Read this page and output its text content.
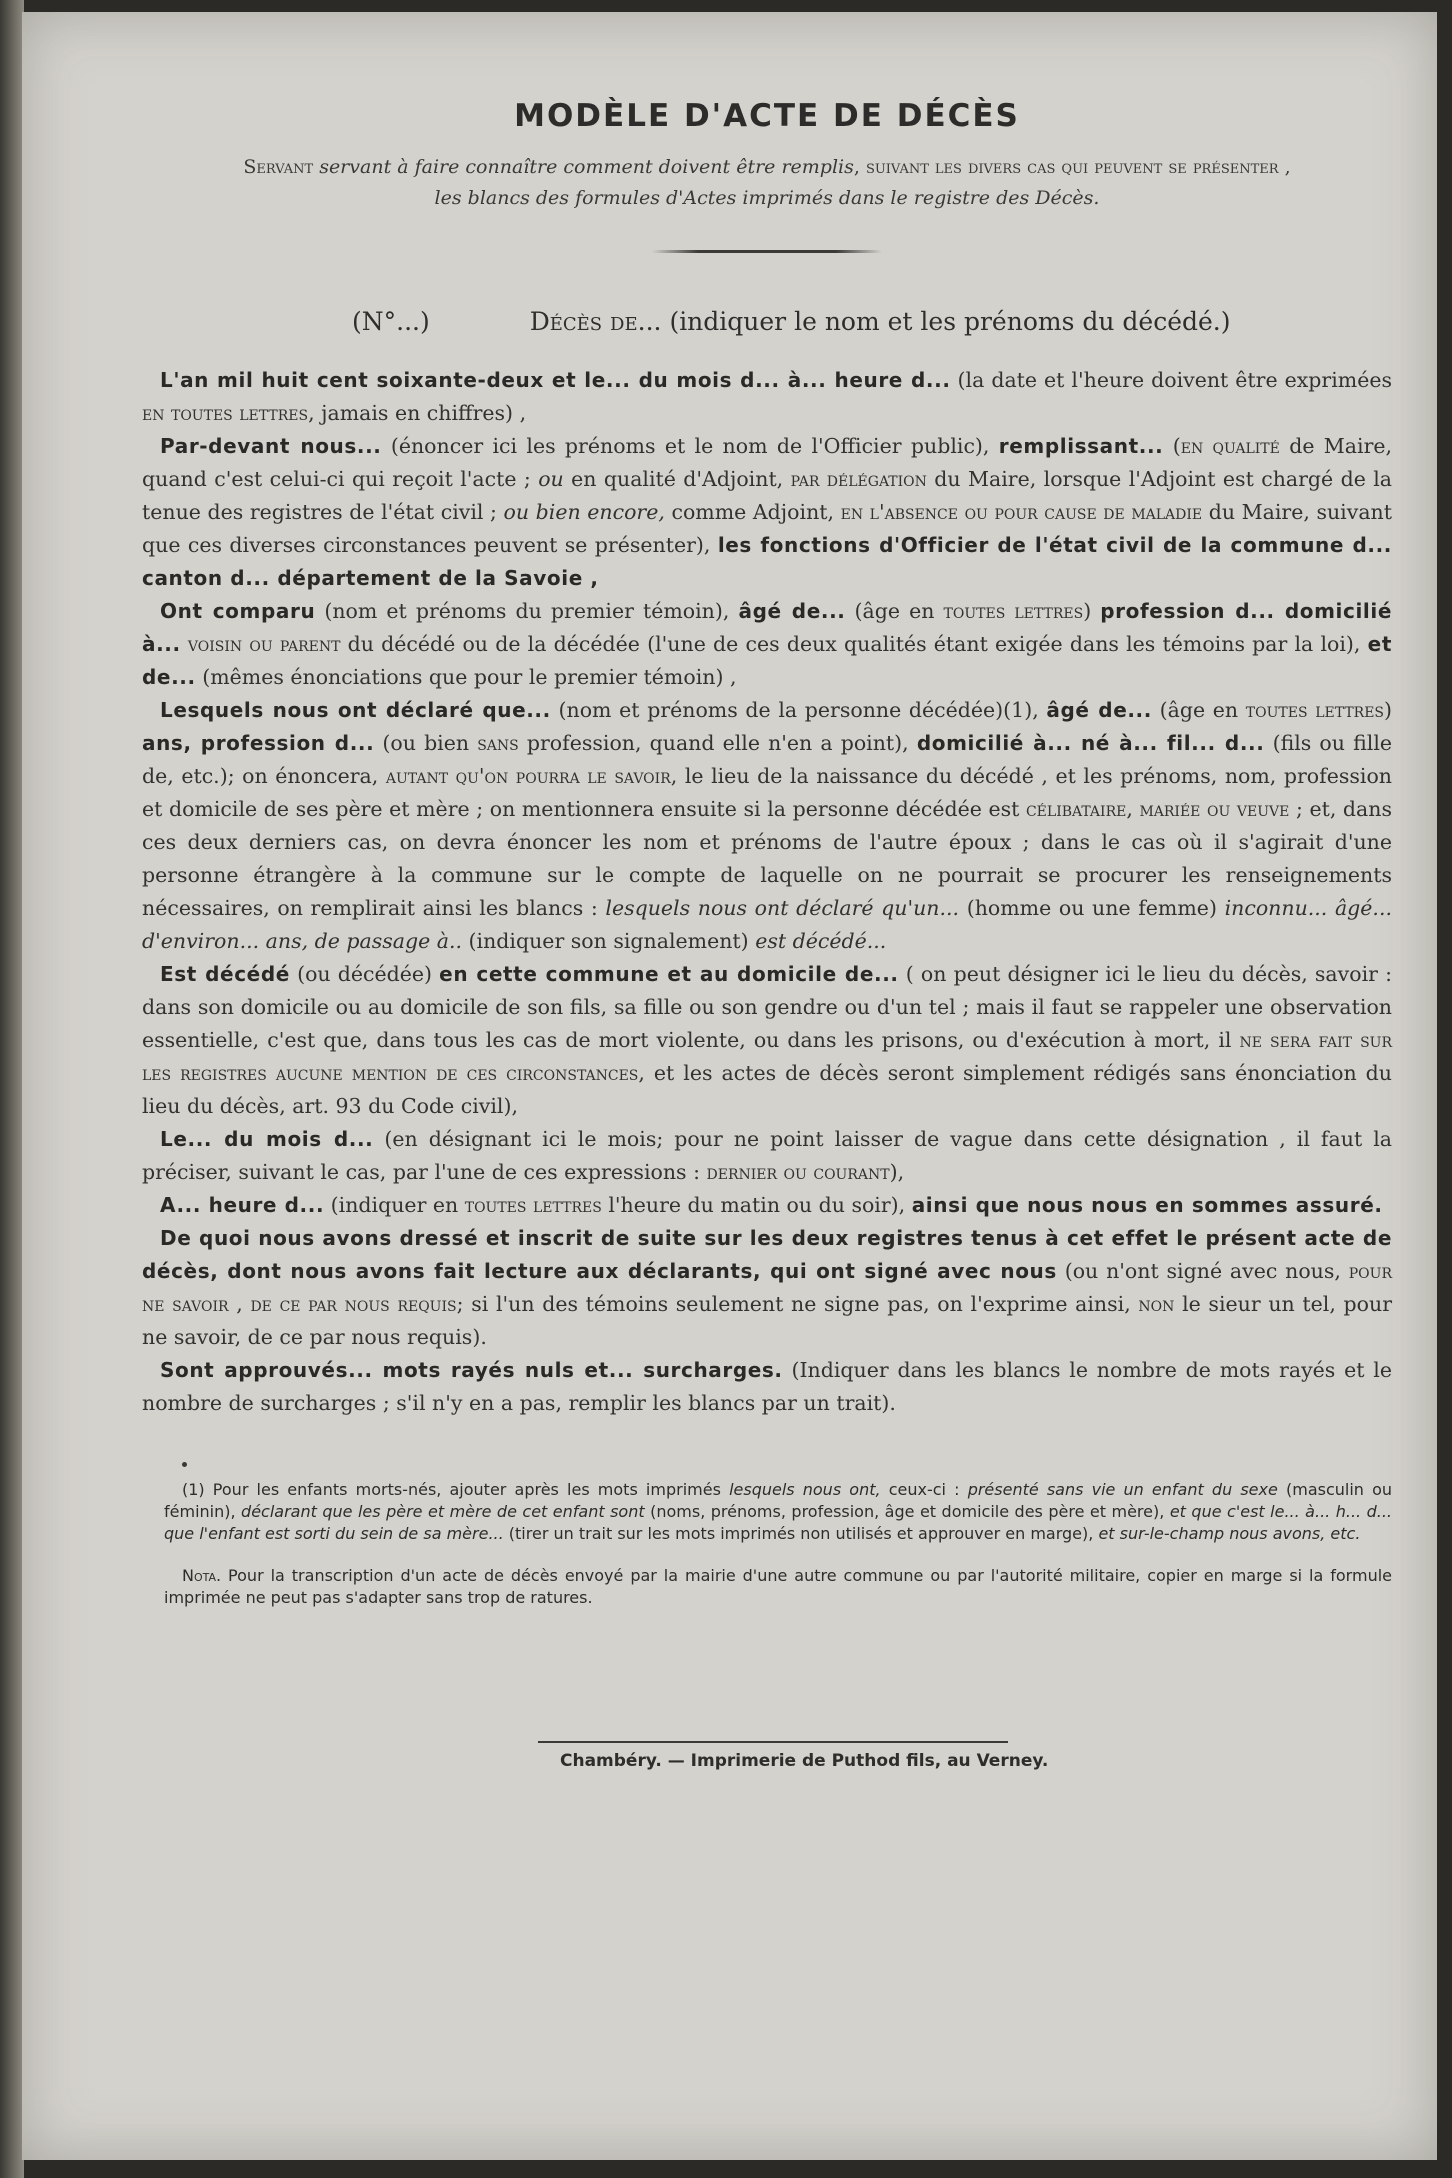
MODÈLE D'ACTE DE DÉCÈS
Servant servant à faire connaître comment doivent être remplis, suivant les divers cas qui peuvent se présenter ,
les blancs des formules d'Actes imprimés dans le registre des Décès.
(N°...)	Décès de... (indiquer le nom et les prénoms du décédé.)

L'an mil huit cent soixante-deux et le... du mois d... à... heure d... (la date et l'heure doivent être exprimées en toutes lettres, jamais en chiffres) ,

Par-devant nous... (énoncer ici les prénoms et le nom de l'Officier public), remplissant... (en qualité de Maire, quand c'est celui-ci qui reçoit l'acte ; ou en qualité d'Adjoint, par délégation du Maire, lorsque l'Adjoint est chargé de la tenue des registres de l'état civil ; ou bien encore, comme Adjoint, en l'absence ou pour cause de maladie du Maire, suivant que ces diverses circonstances peuvent se présenter), les fonctions d'Officier de l'état civil de la commune d... canton d... département de la Savoie ,

Ont comparu (nom et prénoms du premier témoin), âgé de... (âge en toutes lettres) profession d... domicilié à... voisin ou parent du décédé ou de la décédée (l'une de ces deux qualités étant exigée dans les témoins par la loi), et de... (mêmes énonciations que pour le premier témoin) ,

Lesquels nous ont déclaré que... (nom et prénoms de la personne décédée)(1), âgé de... (âge en toutes lettres) ans, profession d... (ou bien sans profession, quand elle n'en a point), domicilié à... né à... fil... d... (fils ou fille de, etc.); on énoncera, autant qu'on pourra le savoir, le lieu de la naissance du décédé , et les prénoms, nom, profession et domicile de ses père et mère ; on mentionnera ensuite si la personne décédée est célibataire, mariée ou veuve ; et, dans ces deux derniers cas, on devra énoncer les nom et prénoms de l'autre époux ; dans le cas où il s'agirait d'une personne étrangère à la commune sur le compte de laquelle on ne pourrait se procurer les renseignements nécessaires, on remplirait ainsi les blancs : lesquels nous ont déclaré qu'un... (homme ou une femme) inconnu... âgé... d'environ... ans, de passage à.. (indiquer son signalement) est décédé...

Est décédé (ou décédée) en cette commune et au domicile de... ( on peut désigner ici le lieu du décès, savoir : dans son domicile ou au domicile de son fils, sa fille ou son gendre ou d'un tel ; mais il faut se rappeler une observation essentielle, c'est que, dans tous les cas de mort violente, ou dans les prisons, ou d'exécution à mort, il ne sera fait sur les registres aucune mention de ces circonstances, et les actes de décès seront simplement rédigés sans énonciation du lieu du décès, art. 93 du Code civil),

Le... du mois d... (en désignant ici le mois; pour ne point laisser de vague dans cette désignation , il faut la préciser, suivant le cas, par l'une de ces expressions : dernier ou courant),

A... heure d... (indiquer en toutes lettres l'heure du matin ou du soir), ainsi que nous nous en sommes assuré.

De quoi nous avons dressé et inscrit de suite sur les deux registres tenus à cet effet le présent acte de décès, dont nous avons fait lecture aux déclarants, qui ont signé avec nous (ou n'ont signé avec nous, pour ne savoir , de ce par nous requis; si l'un des témoins seulement ne signe pas, on l'exprime ainsi, non le sieur un tel, pour ne savoir, de ce par nous requis).

Sont approuvés... mots rayés nuls et... surcharges. (Indiquer dans les blancs le nombre de mots rayés et le nombre de surcharges ; s'il n'y en a pas, remplir les blancs par un trait).

(1) Pour les enfants morts-nés, ajouter après les mots imprimés lesquels nous ont, ceux-ci : présenté sans vie un enfant du sexe (masculin ou féminin), déclarant que les père et mère de cet enfant sont (noms, prénoms, profession, âge et domicile des père et mère), et que c'est le... à... h... d... que l'enfant est sorti du sein de sa mère... (tirer un trait sur les mots imprimés non utilisés et approuver en marge), et sur-le-champ nous avons, etc.

Nota. Pour la transcription d'un acte de décès envoyé par la mairie d'une autre commune ou par l'autorité militaire, copier en marge si la formule imprimée ne peut pas s'adapter sans trop de ratures.

Chambéry. — Imprimerie de Puthod fils, au Verney.
